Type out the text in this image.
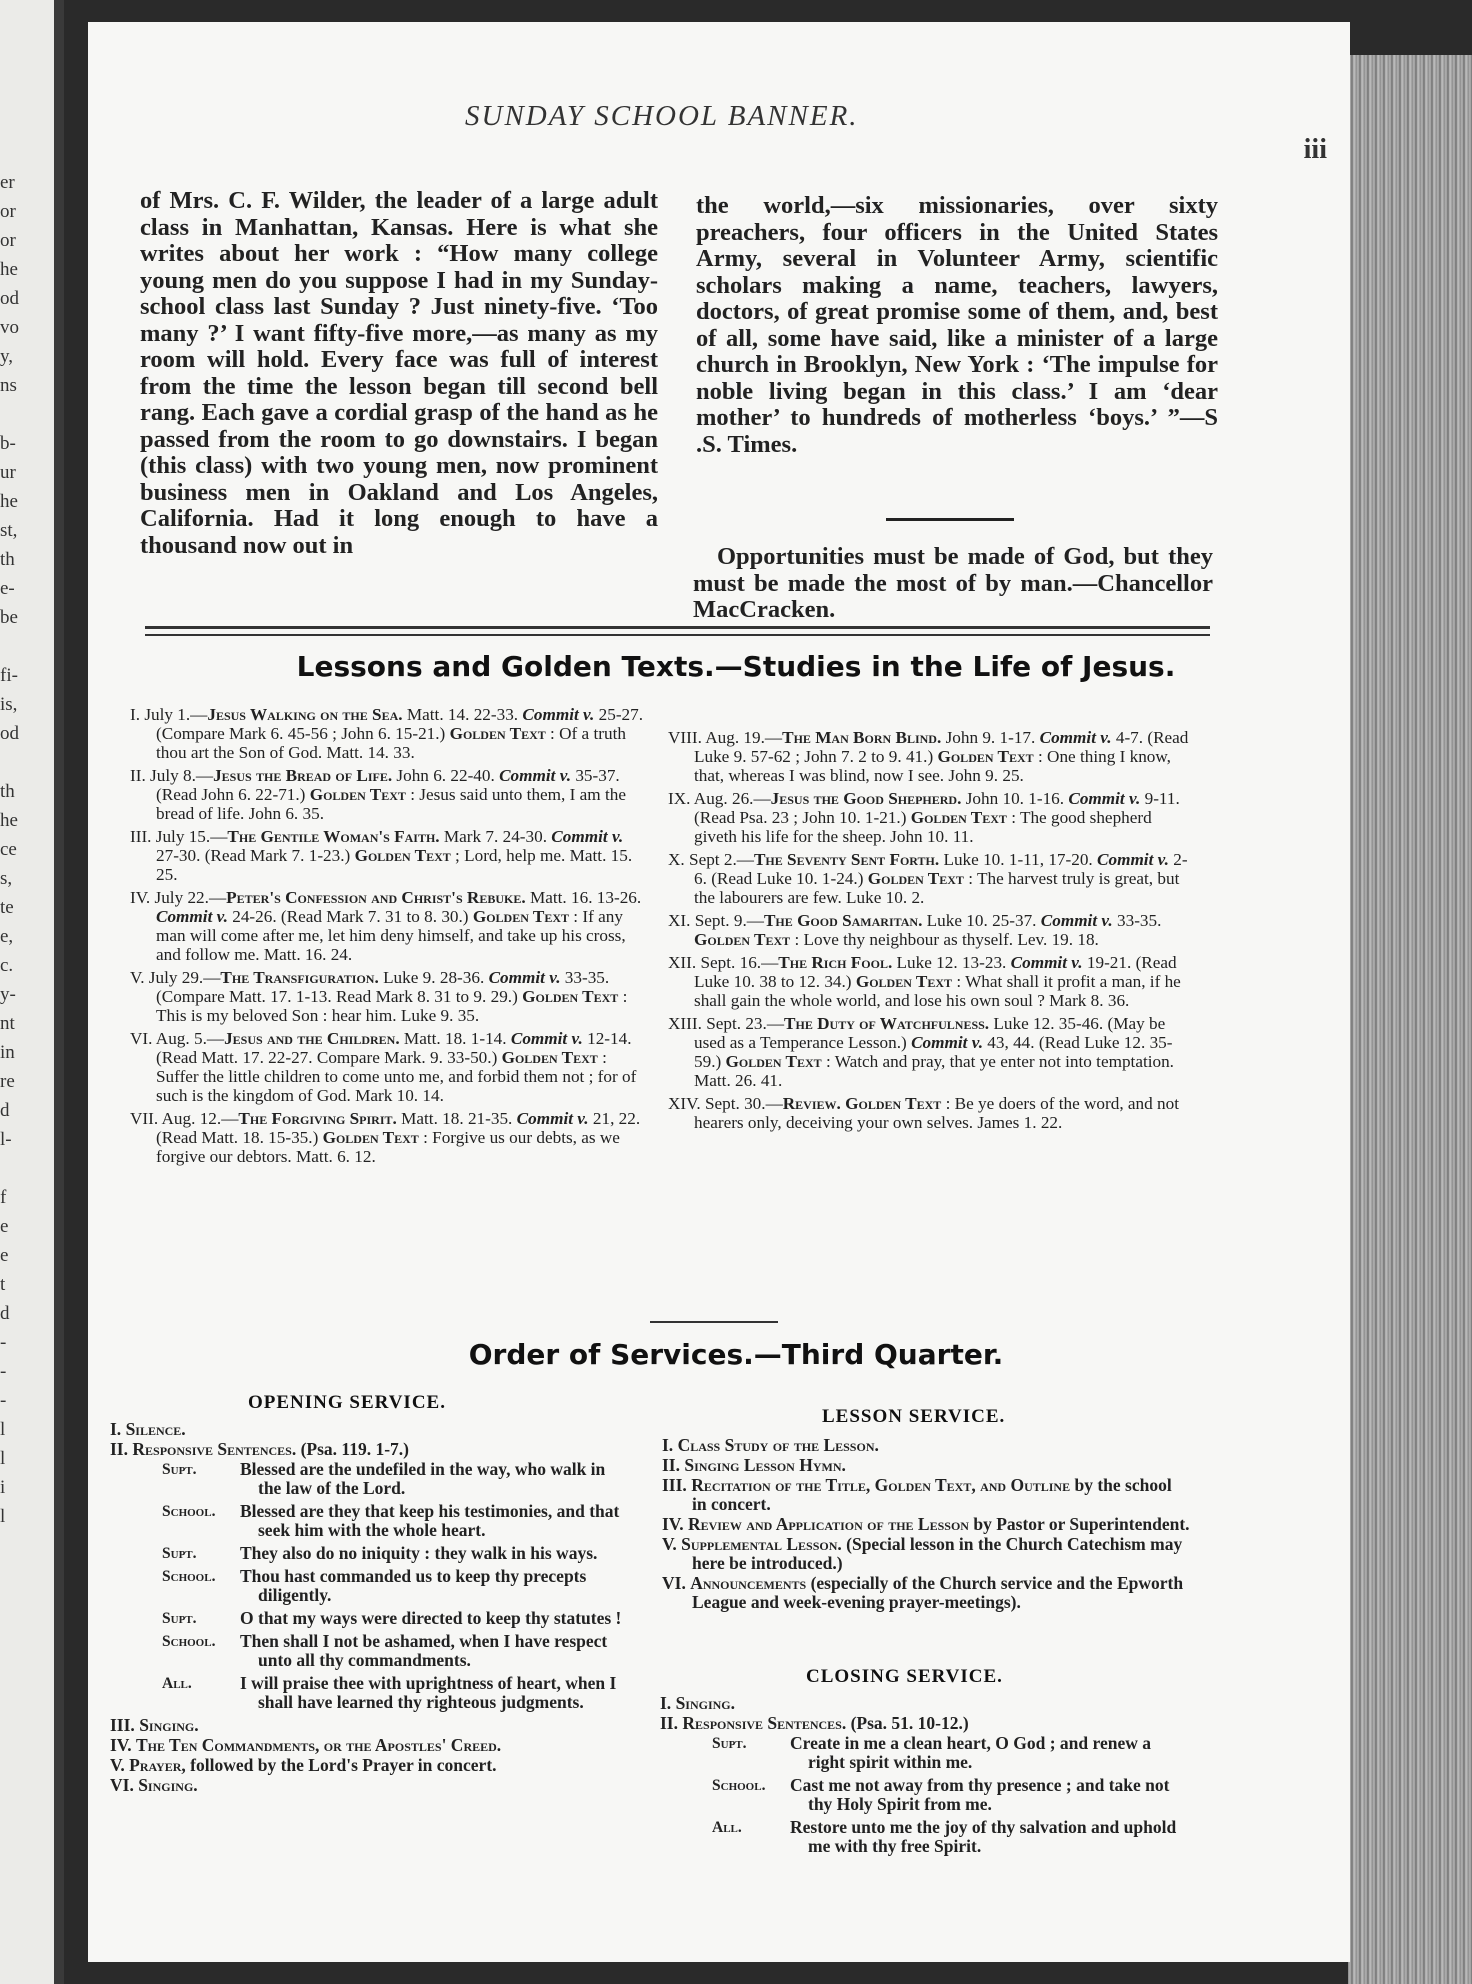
er
or
or
he
od
vo
y,
ns
b-
ur
he
st,
th
e-
be
fi-
is,
od
th
he
ce
s,
te
e,
c.
y-
nt
in
re
d
l-
f
e
e
t
d
-
-
-
l
l
i
l
SUNDAY SCHOOL BANNER.
iii

of Mrs. C. F. Wilder, the leader of a large adult class in Manhattan, Kansas. Here is what she writes about her work : “How many college young men do you suppose I had in my Sunday-school class last Sunday ? Just ninety-five. ‘Too many ?’ I want fifty-five more,—as many as my room will hold. Every face was full of interest from the time the lesson began till second bell rang. Each gave a cordial grasp of the hand as he passed from the room to go downstairs. I began (this class) with two young men, now prominent business men in Oakland and Los Angeles, California. Had it long enough to have a thousand now out in

the world,—six missionaries, over sixty preachers, four officers in the United States Army, several in Volunteer Army, scientific scholars making a name, teachers, lawyers, doctors, of great promise some of them, and, best of all, some have said, like a minister of a large church in Brooklyn, New York : ‘The impulse for noble living began in this class.’ I am ‘dear mother’ to hundreds of motherless ‘boys.’ ”—S .S. Times.

Opportunities must be made of God, but they must be made the most of by man.—Chancellor MacCracken.

Lessons and Golden Texts.—Studies in the Life of Jesus.

I. July 1.—Jesus Walking on the Sea. Matt. 14. 22-33. Commit v. 25-27. (Compare Mark 6. 45-56 ; John 6. 15-21.) Golden Text : Of a truth thou art the Son of God. Matt. 14. 33.

II. July 8.—Jesus the Bread of Life. John 6. 22-40. Commit v. 35-37. (Read John 6. 22-71.) Golden Text : Jesus said unto them, I am the bread of life. John 6. 35.

III. July 15.—The Gentile Woman's Faith. Mark 7. 24-30. Commit v. 27-30. (Read Mark 7. 1-23.) Golden Text ; Lord, help me. Matt. 15. 25.

IV. July 22.—Peter's Confession and Christ's Rebuke. Matt. 16. 13-26. Commit v. 24-26. (Read Mark 7. 31 to 8. 30.) Golden Text : If any man will come after me, let him deny himself, and take up his cross, and follow me. Matt. 16. 24.

V. July 29.—The Transfiguration. Luke 9. 28-36. Commit v. 33-35. (Compare Matt. 17. 1-13. Read Mark 8. 31 to 9. 29.) Golden Text : This is my beloved Son : hear him. Luke 9. 35.

VI. Aug. 5.—Jesus and the Children. Matt. 18. 1-14. Commit v. 12-14. (Read Matt. 17. 22-27. Compare Mark. 9. 33-50.) Golden Text : Suffer the little children to come unto me, and forbid them not ; for of such is the kingdom of God. Mark 10. 14.

VII. Aug. 12.—The Forgiving Spirit. Matt. 18. 21-35. Commit v. 21, 22. (Read Matt. 18. 15-35.) Golden Text : Forgive us our debts, as we forgive our debtors. Matt. 6. 12.

VIII. Aug. 19.—The Man Born Blind. John 9. 1-17. Commit v. 4-7. (Read Luke 9. 57-62 ; John 7. 2 to 9. 41.) Golden Text : One thing I know, that, whereas I was blind, now I see. John 9. 25.

IX. Aug. 26.—Jesus the Good Shepherd. John 10. 1-16. Commit v. 9-11. (Read Psa. 23 ; John 10. 1-21.) Golden Text : The good shepherd giveth his life for the sheep. John 10. 11.

X. Sept 2.—The Seventy Sent Forth. Luke 10. 1-11, 17-20. Commit v. 2-6. (Read Luke 10. 1-24.) Golden Text : The harvest truly is great, but the labourers are few. Luke 10. 2.

XI. Sept. 9.—The Good Samaritan. Luke 10. 25-37. Commit v. 33-35. Golden Text : Love thy neighbour as thyself. Lev. 19. 18.

XII. Sept. 16.—The Rich Fool. Luke 12. 13-23. Commit v. 19-21. (Read Luke 10. 38 to 12. 34.) Golden Text : What shall it profit a man, if he shall gain the whole world, and lose his own soul ? Mark 8. 36.

XIII. Sept. 23.—The Duty of Watchfulness. Luke 12. 35-46. (May be used as a Temperance Lesson.) Commit v. 43, 44. (Read Luke 12. 35-59.) Golden Text : Watch and pray, that ye enter not into temptation. Matt. 26. 41.

XIV. Sept. 30.—Review. Golden Text : Be ye doers of the word, and not hearers only, deceiving your own selves. James 1. 22.

Order of Services.—Third Quarter.
OPENING SERVICE.

I. Silence.

II. Responsive Sentences. (Psa. 119. 1-7.)

Supt.	Blessed are the undefiled in the way, who walk in the law of the Lord.
School.	Blessed are they that keep his testimonies, and that seek him with the whole heart.
Supt.	They also do no iniquity : they walk in his ways.
School.	Thou hast commanded us to keep thy precepts diligently.
Supt.	O that my ways were directed to keep thy statutes !
School.	Then shall I not be ashamed, when I have respect unto all thy commandments.
All.	I will praise thee with uprightness of heart, when I shall have learned thy righteous judgments.

III. Singing.

IV. The Ten Commandments, or the Apostles' Creed.

V. Prayer, followed by the Lord's Prayer in concert.

VI. Singing.

LESSON SERVICE.

I. Class Study of the Lesson.

II. Singing Lesson Hymn.

III. Recitation of the Title, Golden Text, and Outline by the school in concert.

IV. Review and Application of the Lesson by Pastor or Superintendent.

V. Supplemental Lesson. (Special lesson in the Church Catechism may here be introduced.)

VI. Announcements (especially of the Church service and the Epworth League and week-evening prayer-meetings).

CLOSING SERVICE.

I. Singing.

II. Responsive Sentences. (Psa. 51. 10-12.)

Supt.	Create in me a clean heart, O God ; and renew a right spirit within me.
School.	Cast me not away from thy presence ; and take not thy Holy Spirit from me.
All.	Restore unto me the joy of thy salvation and uphold me with thy free Spirit.
